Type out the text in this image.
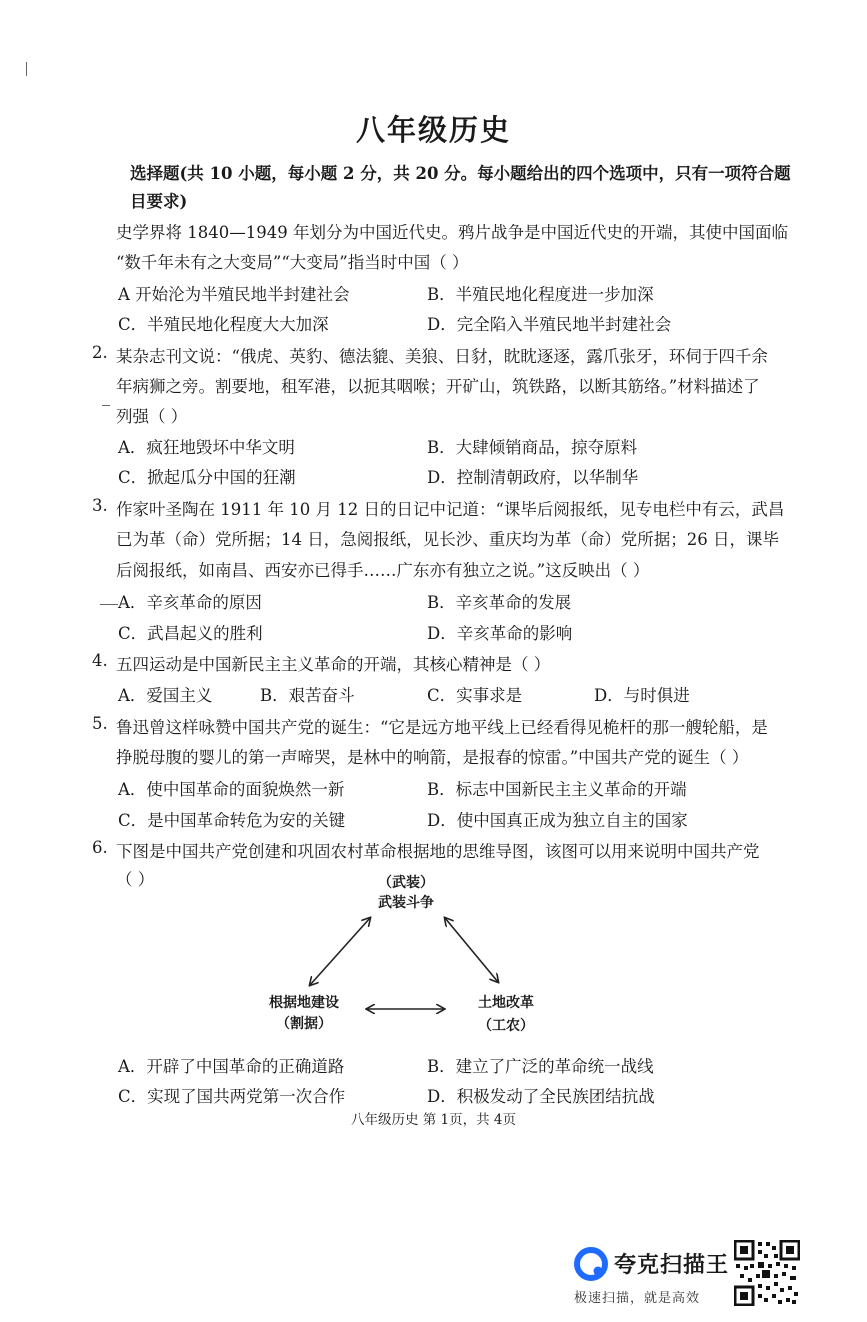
八年级历史
选择题(共 10 小题，每小题 2 分，共 20 分。每小题给出的四个选项中，只有一项符合题
目要求)
史学界将 1840—1949 年划分为中国近代史。鸦片战争是中国近代史的开端，其使中国面临
“数千年未有之大变局”“大变局”指当时中国（ ）
A 开始沦为半殖民地半封建社会	B．半殖民地化程度进一步加深
C．半殖民地化程度大大加深	D．完全陷入半殖民地半封建社会
2. 某杂志刊文说：“俄虎、英豹、德法貔、美狼、日豺，眈眈逐逐，露爪张牙，环伺于四千余
年病狮之旁。割要地，租军港，以扼其咽喉；开矿山，筑铁路，以断其筋络。”材料描述了
列强（ ）
A．疯狂地毁坏中华文明	B．大肆倾销商品，掠夺原料
C．掀起瓜分中国的狂潮	D．控制清朝政府，以华制华
3. 作家叶圣陶在 1911 年 10 月 12 日的日记中记道：“课毕后阅报纸，见专电栏中有云，武昌
已为革（命）党所据；14 日，急阅报纸，见长沙、重庆均为革（命）党所据；26 日，课毕
后阅报纸，如南昌、西安亦已得手……广东亦有独立之说。”这反映出（ ）
A．辛亥革命的原因	B．辛亥革命的发展
C．武昌起义的胜利	D．辛亥革命的影响
4. 五四运动是中国新民主主义革命的开端，其核心精神是（ ）
A．爱国主义	B．艰苦奋斗	C．实事求是	D．与时俱进
5. 鲁迅曾这样咏赞中国共产党的诞生：“它是远方地平线上已经看得见桅杆的那一艘轮船，是
挣脱母腹的婴儿的第一声啼哭，是林中的响箭，是报春的惊雷。”中国共产党的诞生（ ）
A．使中国革命的面貌焕然一新	B．标志中国新民主主义革命的开端
C．是中国革命转危为安的关键	D．使中国真正成为独立自主的国家
6. 下图是中国共产党创建和巩固农村革命根据地的思维导图，该图可以用来说明中国共产党
（ ）	（武装）
武装斗争
根据地建设
（割据）
土地改革
（工农）
A．开辟了中国革命的正确道路	B．建立了广泛的革命统一战线
C．实现了国共两党第一次合作	D．积极发动了全民族团结抗战
八年级历史 第 1页，共 4页
夸克扫描王
极速扫描，就是高效
